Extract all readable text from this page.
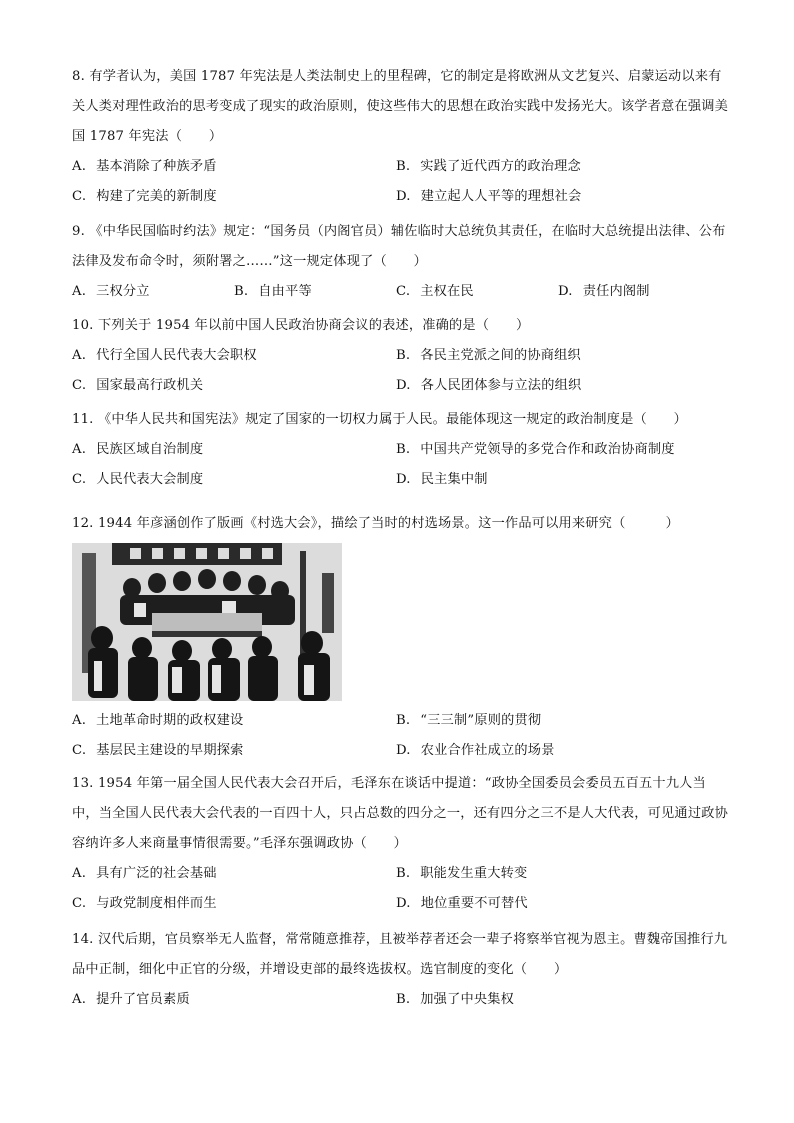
8. 有学者认为，美国 1787 年宪法是人类法制史上的里程碑，它的制定是将欧洲从文艺复兴、启蒙运动以来有关人类对理性政治的思考变成了现实的政治原则，使这些伟大的思想在政治实践中发扬光大。该学者意在强调美国 1787 年宪法（　　）
A. 基本消除了种族矛盾	B. 实践了近代西方的政治理念
C. 构建了完美的新制度	D. 建立起人人平等的理想社会
9. 《中华民国临时约法》规定：“国务员（内阁官员）辅佐临时大总统负其责任，在临时大总统提出法律、公布法律及发布命令时，须附署之……”这一规定体现了（　　）
A. 三权分立	B. 自由平等	C. 主权在民	D. 责任内阁制
10. 下列关于 1954 年以前中国人民政治协商会议的表述，准确的是（　　）
A. 代行全国人民代表大会职权	B. 各民主党派之间的协商组织
C. 国家最高行政机关	D. 各人民团体参与立法的组织
11. 《中华人民共和国宪法》规定了国家的一切权力属于人民。最能体现这一规定的政治制度是（　　）
A. 民族区域自治制度	B. 中国共产党领导的多党合作和政治协商制度
C. 人民代表大会制度	D. 民主集中制
12. 1944 年彦涵创作了版画《村选大会》，描绘了当时的村选场景。这一作品可以用来研究（　　　）
A. 土地革命时期的政权建设	B. “三三制”原则的贯彻
C. 基层民主建设的早期探索	D. 农业合作社成立的场景
13. 1954 年第一届全国人民代表大会召开后，毛泽东在谈话中提道：“政协全国委员会委员五百五十九人当中，当全国人民代表大会代表的一百四十人，只占总数的四分之一，还有四分之三不是人大代表，可见通过政协容纳许多人来商量事情很需要。”毛泽东强调政协（　　）
A. 具有广泛的社会基础	B. 职能发生重大转变
C. 与政党制度相伴而生	D. 地位重要不可替代
14. 汉代后期，官员察举无人监督，常常随意推荐，且被举荐者还会一辈子将察举官视为恩主。曹魏帝国推行九品中正制，细化中正官的分级，并增设吏部的最终选拔权。选官制度的变化（　　）
A. 提升了官员素质	B. 加强了中央集权
